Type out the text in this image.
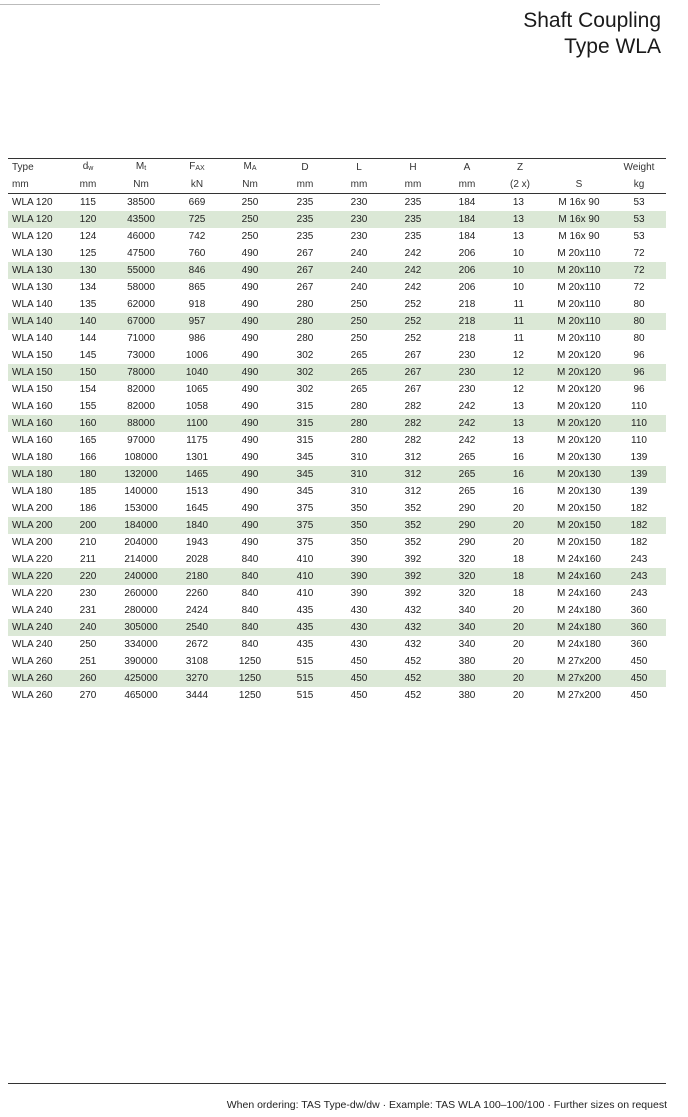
Shaft Coupling
Type WLA
Type	$d_w$	$M_t$	$F_{AX}$	$M_A$	D	L	H	A	Z		Weight
mm	mm	Nm	kN	Nm	mm	mm	mm	mm	(2 x)	S	kg
WLA 120	115	38500	669	250	235	230	235	184	13	M 16x 90	53
WLA 120	120	43500	725	250	235	230	235	184	13	M 16x 90	53
WLA 120	124	46000	742	250	235	230	235	184	13	M 16x 90	53
WLA 130	125	47500	760	490	267	240	242	206	10	M 20x110	72
WLA 130	130	55000	846	490	267	240	242	206	10	M 20x110	72
WLA 130	134	58000	865	490	267	240	242	206	10	M 20x110	72
WLA 140	135	62000	918	490	280	250	252	218	11	M 20x110	80
WLA 140	140	67000	957	490	280	250	252	218	11	M 20x110	80
WLA 140	144	71000	986	490	280	250	252	218	11	M 20x110	80
WLA 150	145	73000	1006	490	302	265	267	230	12	M 20x120	96
WLA 150	150	78000	1040	490	302	265	267	230	12	M 20x120	96
WLA 150	154	82000	1065	490	302	265	267	230	12	M 20x120	96
WLA 160	155	82000	1058	490	315	280	282	242	13	M 20x120	110
WLA 160	160	88000	1100	490	315	280	282	242	13	M 20x120	110
WLA 160	165	97000	1175	490	315	280	282	242	13	M 20x120	110
WLA 180	166	108000	1301	490	345	310	312	265	16	M 20x130	139
WLA 180	180	132000	1465	490	345	310	312	265	16	M 20x130	139
WLA 180	185	140000	1513	490	345	310	312	265	16	M 20x130	139
WLA 200	186	153000	1645	490	375	350	352	290	20	M 20x150	182
WLA 200	200	184000	1840	490	375	350	352	290	20	M 20x150	182
WLA 200	210	204000	1943	490	375	350	352	290	20	M 20x150	182
WLA 220	211	214000	2028	840	410	390	392	320	18	M 24x160	243
WLA 220	220	240000	2180	840	410	390	392	320	18	M 24x160	243
WLA 220	230	260000	2260	840	410	390	392	320	18	M 24x160	243
WLA 240	231	280000	2424	840	435	430	432	340	20	M 24x180	360
WLA 240	240	305000	2540	840	435	430	432	340	20	M 24x180	360
WLA 240	250	334000	2672	840	435	430	432	340	20	M 24x180	360
WLA 260	251	390000	3108	1250	515	450	452	380	20	M 27x200	450
WLA 260	260	425000	3270	1250	515	450	452	380	20	M 27x200	450
WLA 260	270	465000	3444	1250	515	450	452	380	20	M 27x200	450
When ordering: TAS Type-dw/dw · Example: TAS WLA 100–100/100 · Further sizes on request
